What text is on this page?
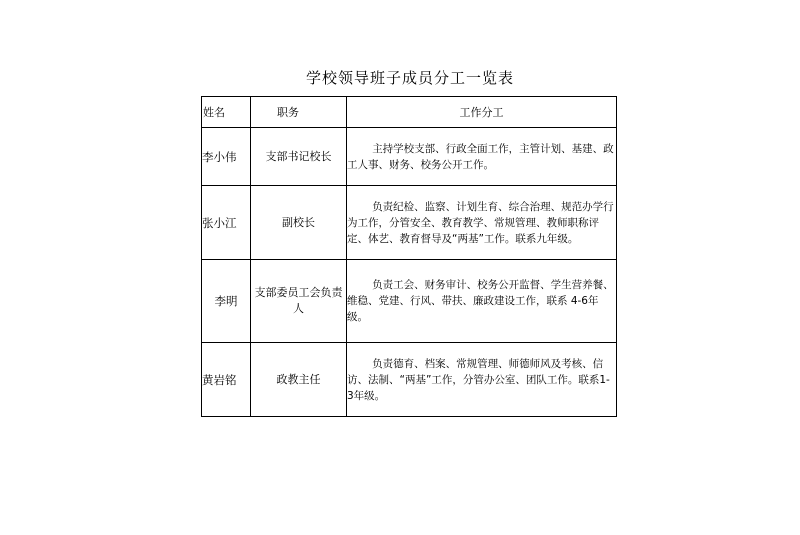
学校领导班子成员分工一览表
姓名	职务	工作分工
李小伟	支部书记校长	主持学校支部、行政全面工作，主管计划、基建、政工人事、财务、校务公开工作。

张小江	副校长	负责纪检、监察、计划生育、综合治理、规范办学行为工作，分管安全、教育教学、常规管理、教师职称评定、体艺、教育督导及“两基”工作。联系九年级。

李明	支部委员工会负责人	负责工会、财务审计、校务公开监督、学生营养餐、维稳、党建、行风、带扶、廉政建设工作，联系 4-6年级。

黄岩铭	政教主任	负责德育、档案、常规管理、师德师风及考核、信访、法制、“两基”工作，分管办公室、团队工作。联系1-3年级。
